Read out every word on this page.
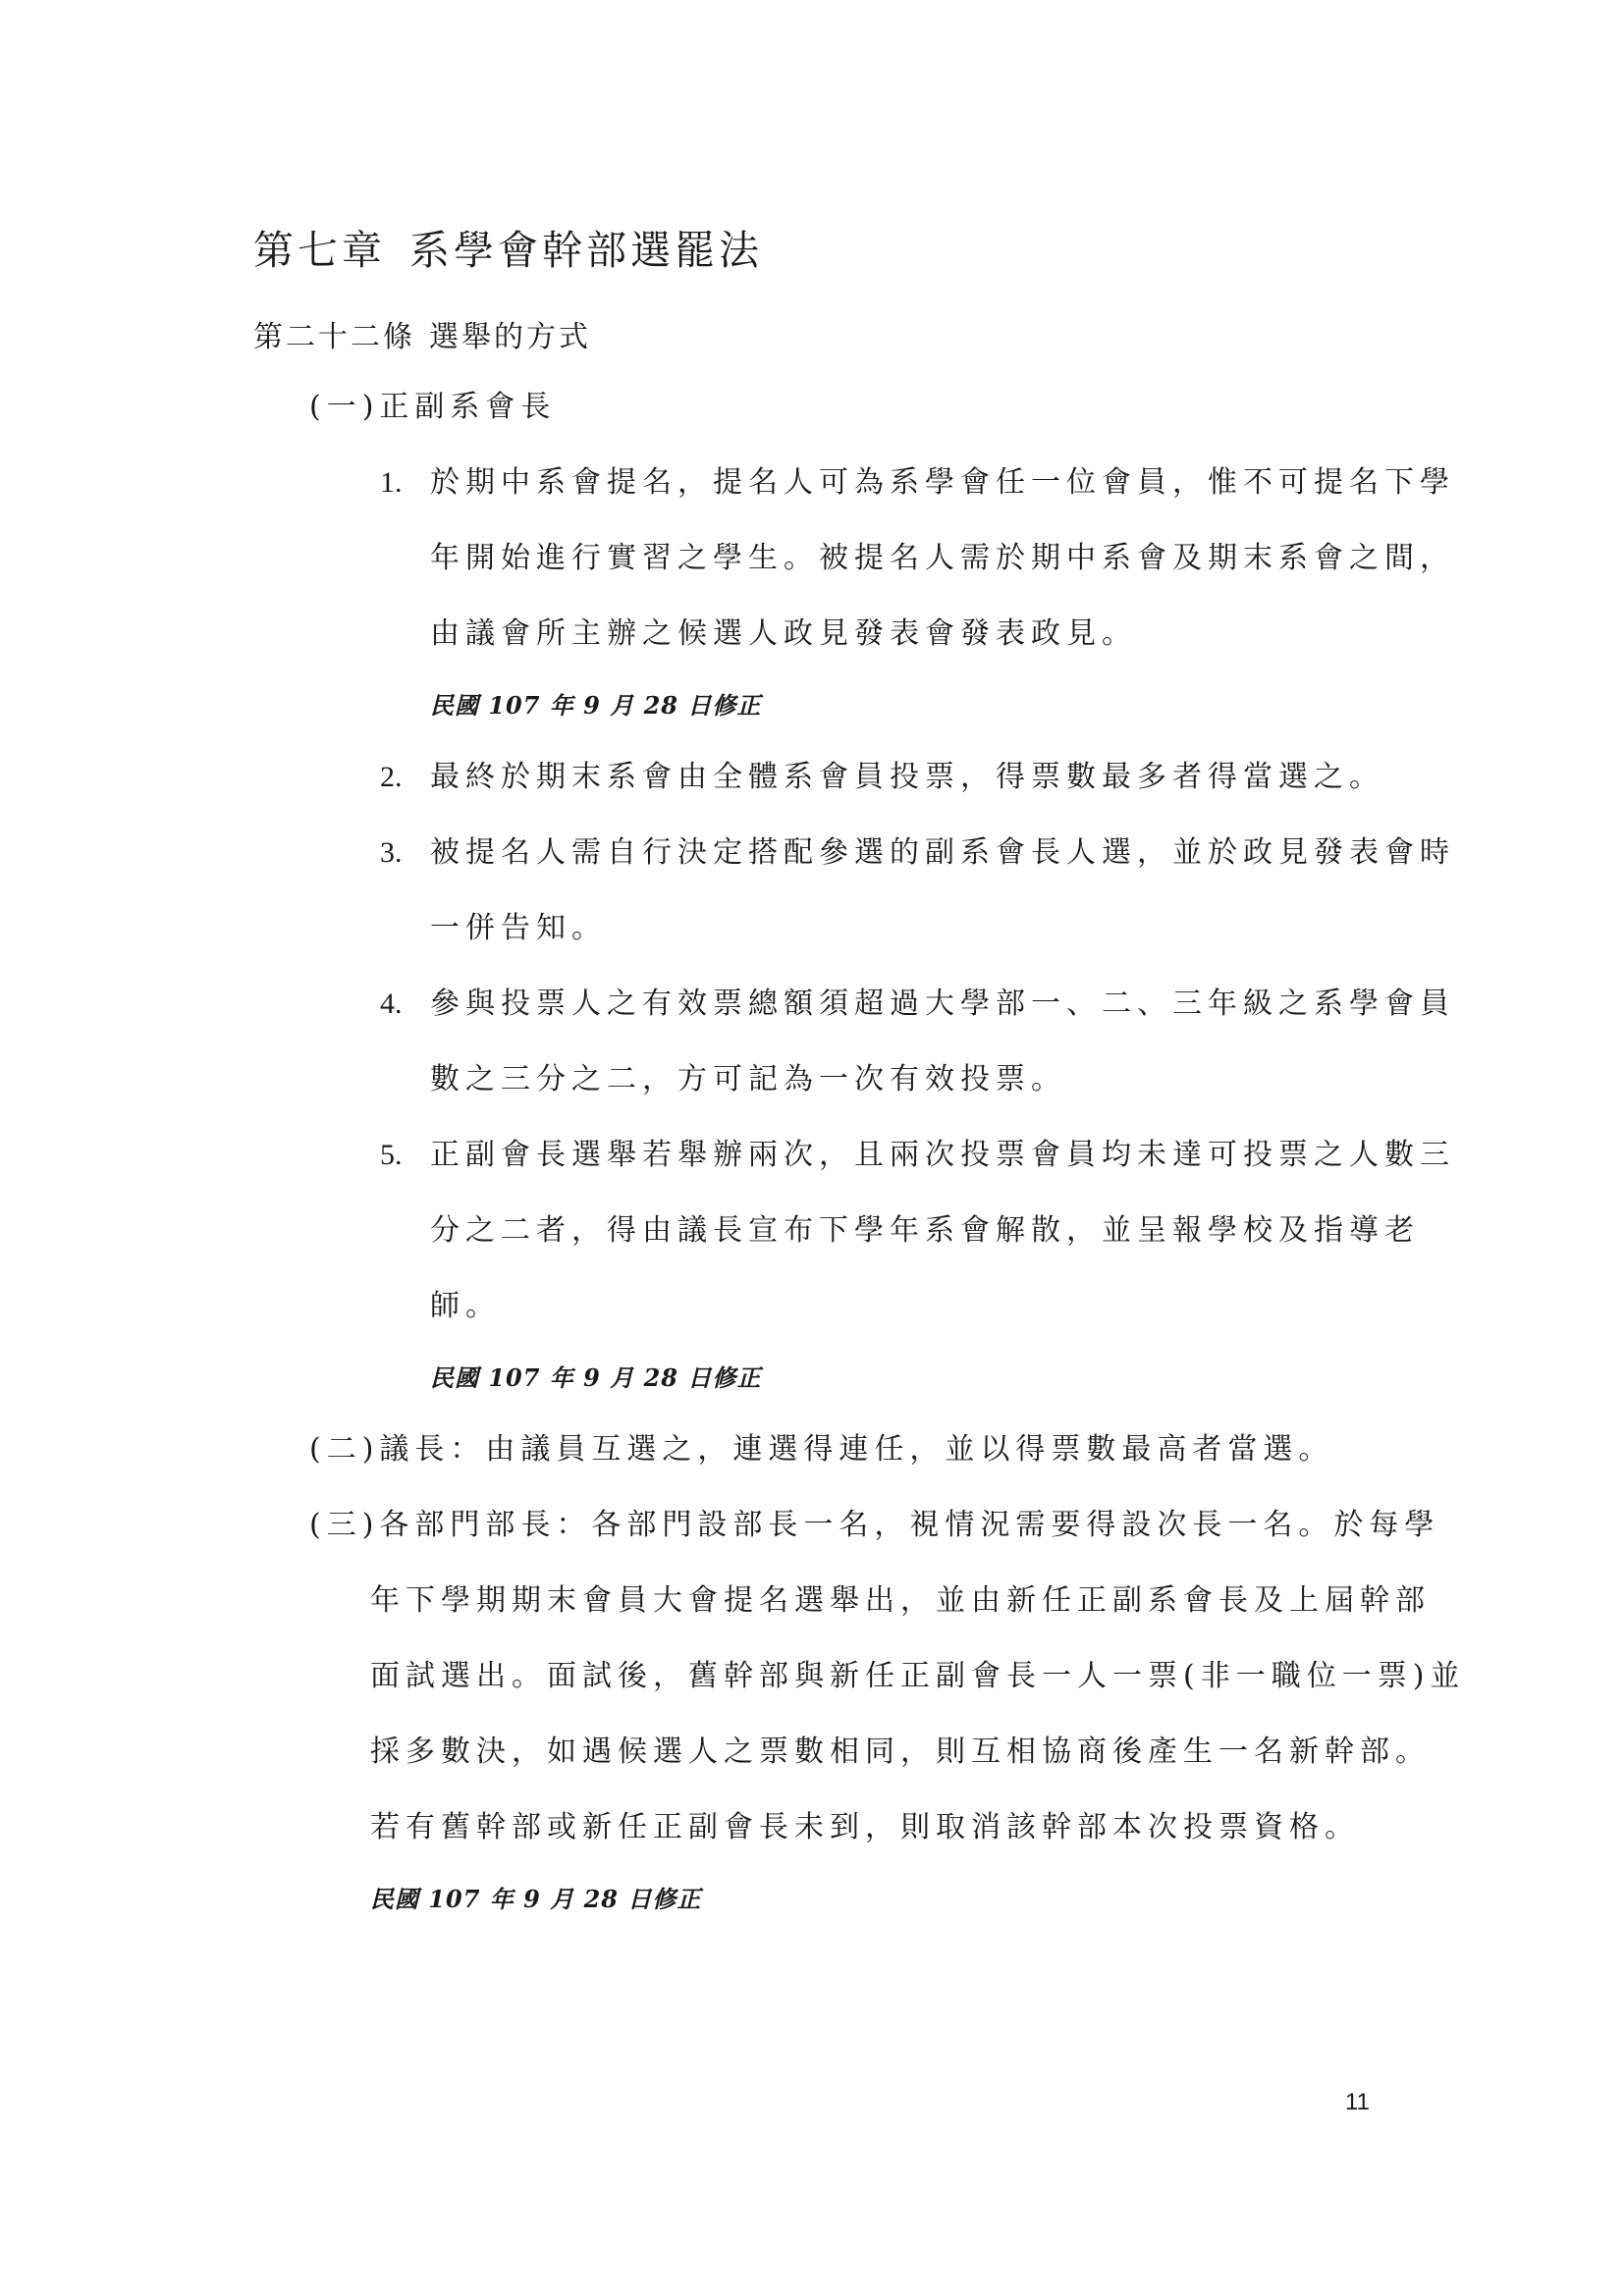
第七章 系學會幹部選罷法
第二十二條 選舉的方式
(一)正副系會長
1. 於期中系會提名，提名人可為系學會任一位會員，惟不可提名下學
年開始進行實習之學生。被提名人需於期中系會及期末系會之間，
由議會所主辦之候選人政見發表會發表政見。
民國 107 年 9 月 28 日修正
2. 最終於期末系會由全體系會員投票，得票數最多者得當選之。
3. 被提名人需自行決定搭配參選的副系會長人選，並於政見發表會時
一併告知。
4. 參與投票人之有效票總額須超過大學部一、二、三年級之系學會員
數之三分之二，方可記為一次有效投票。
5. 正副會長選舉若舉辦兩次，且兩次投票會員均未達可投票之人數三
分之二者，得由議長宣布下學年系會解散，並呈報學校及指導老
師。
民國 107 年 9 月 28 日修正
(二)議長：由議員互選之，連選得連任，並以得票數最高者當選。
(三)各部門部長：各部門設部長一名，視情況需要得設次長一名。於每學
年下學期期末會員大會提名選舉出，並由新任正副系會長及上屆幹部
面試選出。面試後，舊幹部與新任正副會長一人一票(非一職位一票)並
採多數決，如遇候選人之票數相同，則互相協商後產生一名新幹部。
若有舊幹部或新任正副會長未到，則取消該幹部本次投票資格。
民國 107 年 9 月 28 日修正
11
